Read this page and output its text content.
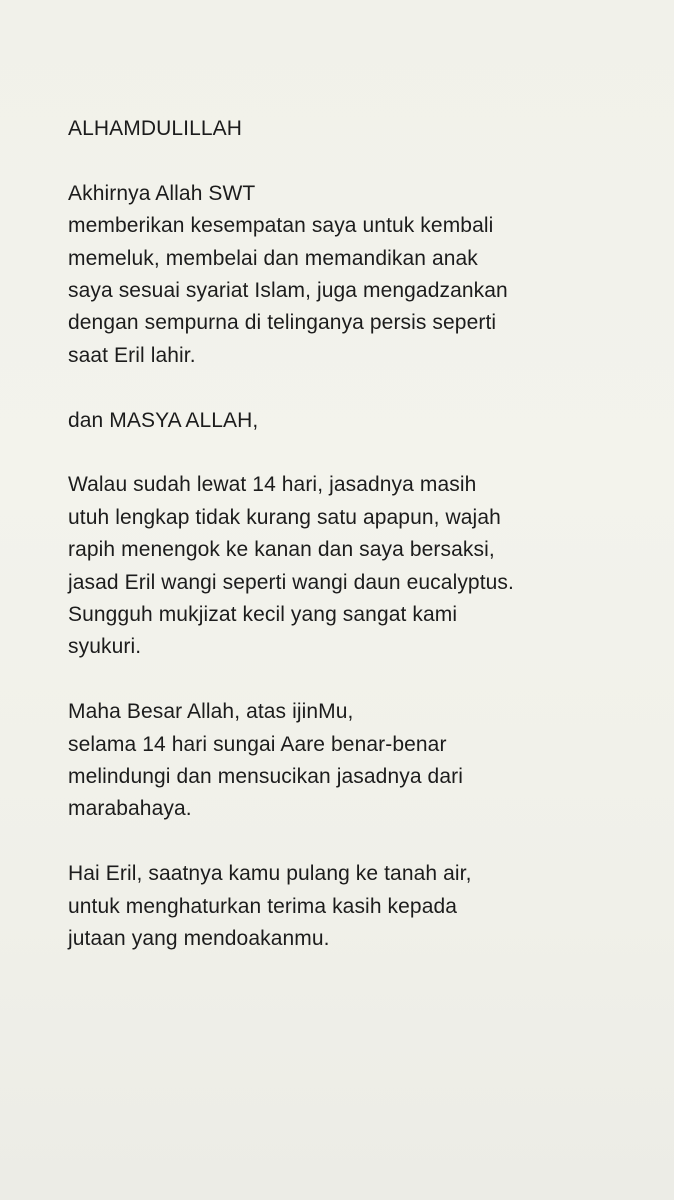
ALHAMDULILLAH
Akhirnya Allah SWT
memberikan kesempatan saya untuk kembali
memeluk, membelai dan memandikan anak
saya sesuai syariat Islam, juga mengadzankan
dengan sempurna di telinganya persis seperti
saat Eril lahir.
dan MASYA ALLAH,
Walau sudah lewat 14 hari, jasadnya masih
utuh lengkap tidak kurang satu apapun, wajah
rapih menengok ke kanan dan saya bersaksi,
jasad Eril wangi seperti wangi daun eucalyptus.
Sungguh mukjizat kecil yang sangat kami
syukuri.
Maha Besar Allah, atas ijinMu,
selama 14 hari sungai Aare benar-benar
melindungi dan mensucikan jasadnya dari
marabahaya.
Hai Eril, saatnya kamu pulang ke tanah air,
untuk menghaturkan terima kasih kepada
jutaan yang mendoakanmu.
